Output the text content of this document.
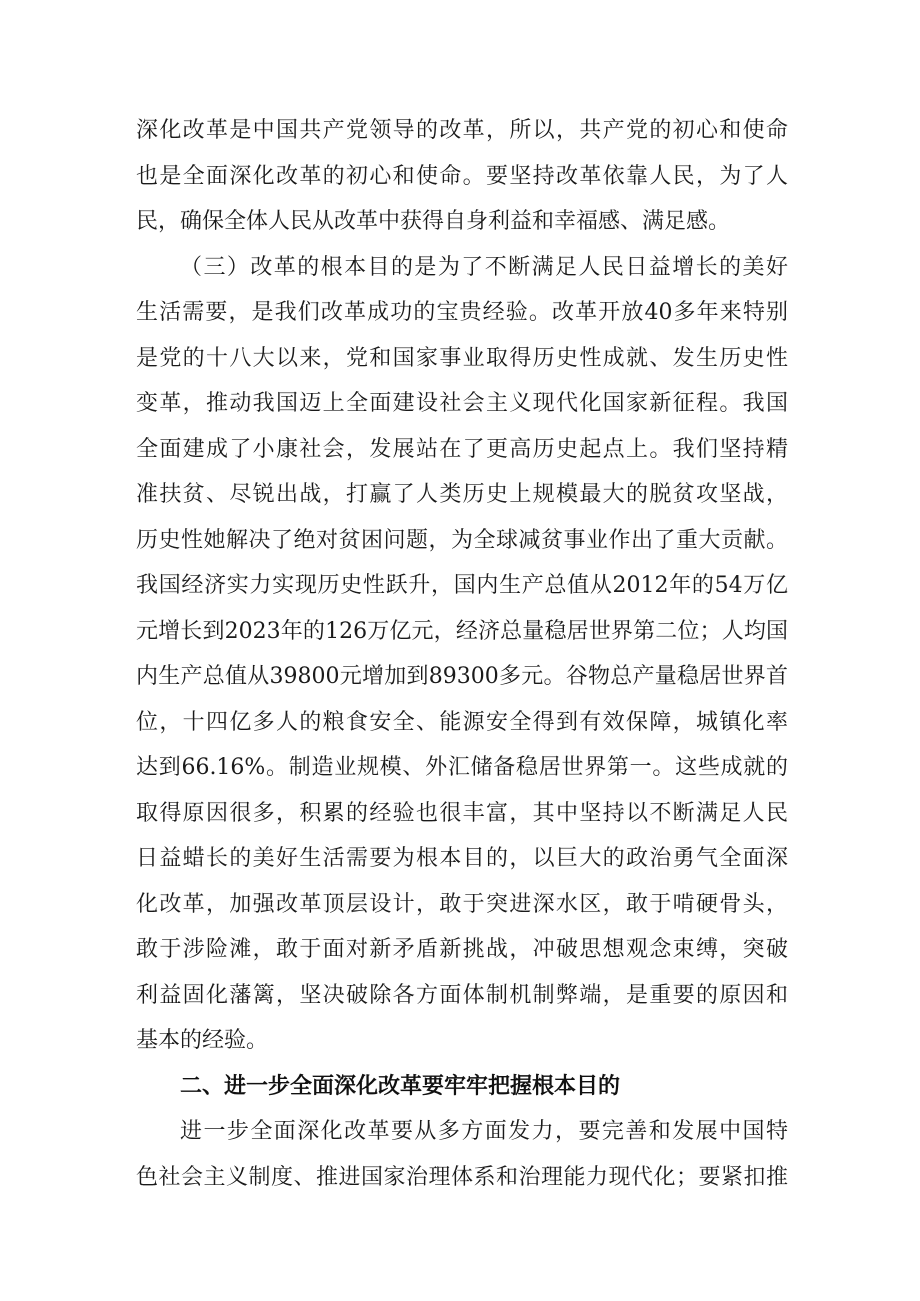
深化改革是中国共产党领导的改革，所以，共产党的初心和使命
也是全面深化改革的初心和使命。要坚持改革依靠人民，为了人
民，确保全体人民从改革中获得自身利益和幸福感、满足感。
（三）改革的根本目的是为了不断满足人民日益增长的美好
生活需要，是我们改革成功的宝贵经验。改革开放40多年来特别
是党的十八大以来，党和国家事业取得历史性成就、发生历史性
变革，推动我国迈上全面建设社会主义现代化国家新征程。我国
全面建成了小康社会，发展站在了更高历史起点上。我们坚持精
准扶贫、尽锐出战，打赢了人类历史上规模最大的脱贫攻坚战，
历史性她解决了绝对贫困问题，为全球减贫事业作出了重大贡献。
我国经济实力实现历史性跃升，国内生产总值从2012年的54万亿
元增长到2023年的126万亿元，经济总量稳居世界第二位；人均国
内生产总值从39800元增加到89300多元。谷物总产量稳居世界首
位，十四亿多人的粮食安全、能源安全得到有效保障，城镇化率
达到66.16%。制造业规模、外汇储备稳居世界第一。这些成就的
取得原因很多，积累的经验也很丰富，其中坚持以不断满足人民
日益蜡长的美好生活需要为根本目的，以巨大的政治勇气全面深
化改革，加强改革顶层设计，敢于突进深水区，敢于啃硬骨头，
敢于涉险滩，敢于面对新矛盾新挑战，冲破思想观念束缚，突破
利益固化藩篱，坚决破除各方面体制机制弊端，是重要的原因和
基本的经验。
二、进一步全面深化改革要牢牢把握根本目的
进一步全面深化改革要从多方面发力，要完善和发展中国特
色社会主义制度、推进国家治理体系和治理能力现代化；要紧扣推
